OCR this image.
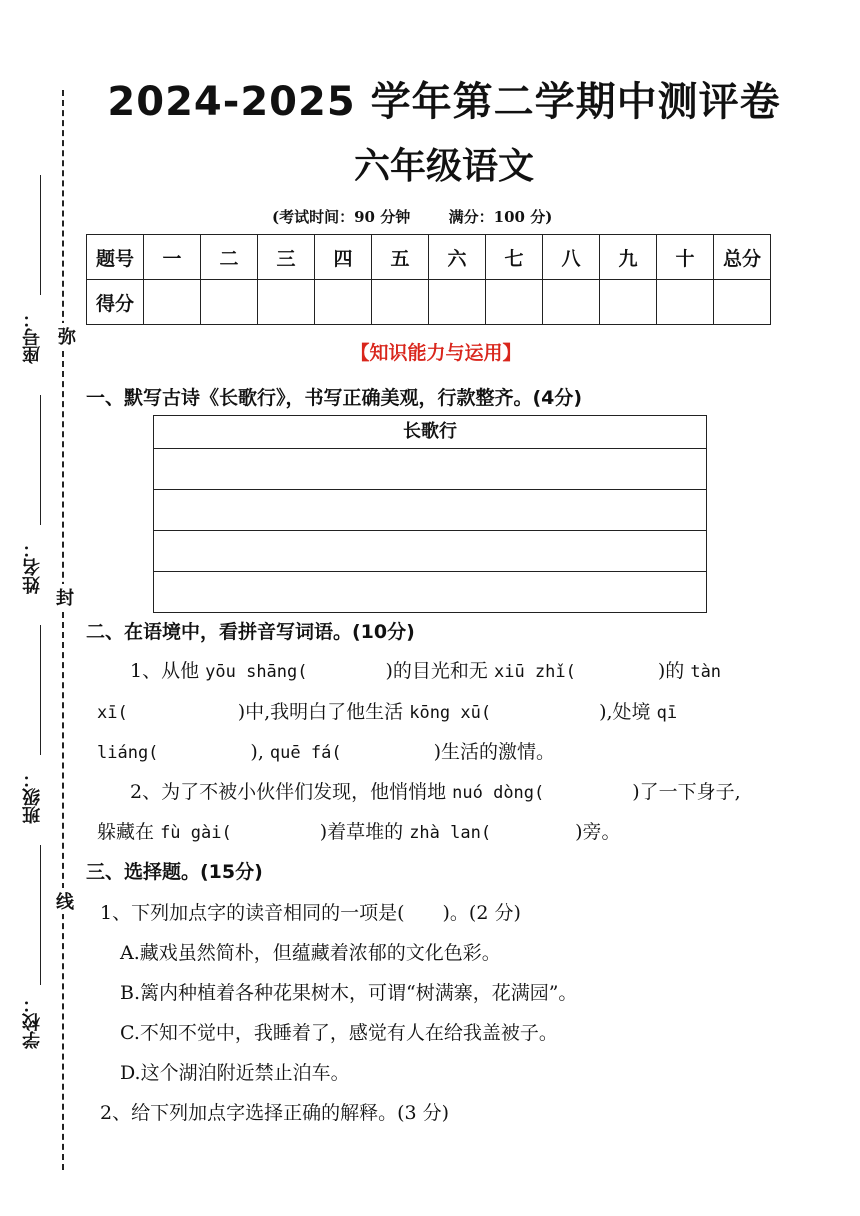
座号：
姓名：
班级：
学校：
弥
封
线
2024-2025 学年第二学期中测评卷
六年级语文
(考试时间：90 分钟	满分：100 分)
题号	一	二	三	四	五	六	七	八	九	十	总分
得分											
【知识能力与运用】
一、默写古诗《长歌行》，书写正确美观，行款整齐。(4分)
长歌行
二、在语境中，看拼音写词语。(10分)
1、从他 yōu shāng(	)的目光和无 xiū zhǐ(	)的 tàn
xī(	)中,我明白了他生活 kōng xū(	),处境 qī
liáng(	), quē fá(	)生活的激情。
2、为了不被小伙伴们发现，他悄悄地 nuó dòng(	)了一下身子,
躲藏在 fù gài(	)着草堆的 zhà lan(	)旁。
三、选择题。(15分)
1、下列加点字的读音相同的一项是(　　)。(2 分)
A.藏戏虽然简朴，但蕴藏着浓郁的文化色彩。
B.篱内种植着各种花果树木，可谓“树满寨，花满园”。
C.不知不觉中，我睡着了，感觉有人在给我盖被子。
D.这个湖泊附近禁止泊车。
2、给下列加点字选择正确的解释。(3 分)
